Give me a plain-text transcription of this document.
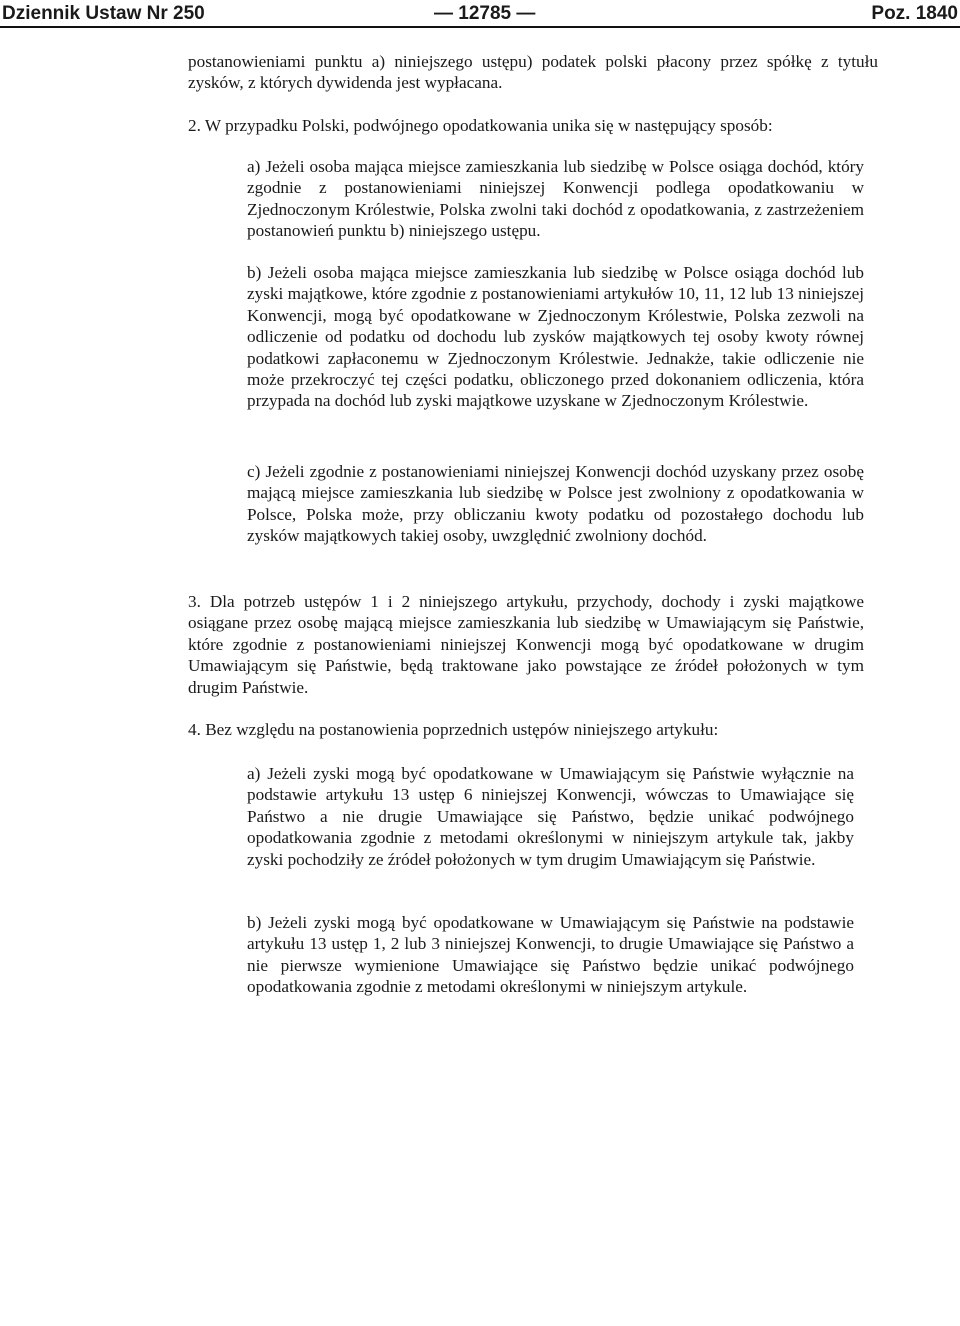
Dziennik Ustaw Nr 250	— 12785 —	Poz. 1840

postanowieniami punktu a) niniejszego ustępu) podatek polski płacony przez spółkę z tytułu zysków, z których dywidenda jest wypłacana.

2. W przypadku Polski, podwójnego opodatkowania unika się w następujący sposób:

a) Jeżeli osoba mająca miejsce zamieszkania lub siedzibę w Polsce osiąga dochód, który zgodnie z postanowieniami niniejszej Konwencji podlega opodatkowaniu w Zjednoczonym Królestwie, Polska zwolni taki dochód z opodatkowania, z zastrzeżeniem postanowień punktu b) niniejszego ustępu.

b) Jeżeli osoba mająca miejsce zamieszkania lub siedzibę w Polsce osiąga dochód lub zyski majątkowe, które zgodnie z postanowieniami artykułów 10, 11, 12 lub 13 niniejszej Konwencji, mogą być opodatkowane w Zjednoczonym Królestwie, Polska zezwoli na odliczenie od podatku od dochodu lub zysków majątkowych tej osoby kwoty równej podatkowi zapłaconemu w Zjednoczonym Królestwie. Jednakże, takie odliczenie nie może przekroczyć tej części podatku, obliczonego przed dokonaniem odliczenia, która przypada na dochód lub zyski majątkowe uzyskane w Zjednoczonym Królestwie.

c) Jeżeli zgodnie z postanowieniami niniejszej Konwencji dochód uzyskany przez osobę mającą miejsce zamieszkania lub siedzibę w Polsce jest zwolniony z opodatkowania w Polsce, Polska może, przy obliczaniu kwoty podatku od pozostałego dochodu lub zysków majątkowych takiej osoby, uwzględnić zwolniony dochód.

3. Dla potrzeb ustępów 1 i 2 niniejszego artykułu, przychody, dochody i zyski majątkowe osiągane przez osobę mającą miejsce zamieszkania lub siedzibę w Umawiającym się Państwie, które zgodnie z postanowieniami niniejszej Konwencji mogą być opodatkowane w drugim Umawiającym się Państwie, będą traktowane jako powstające ze źródeł położonych w tym drugim Państwie.

4. Bez względu na postanowienia poprzednich ustępów niniejszego artykułu:

a) Jeżeli zyski mogą być opodatkowane w Umawiającym się Państwie wyłącznie na podstawie artykułu 13 ustęp 6 niniejszej Konwencji, wówczas to Umawiające się Państwo a nie drugie Umawiające się Państwo, będzie unikać podwójnego opodatkowania zgodnie z metodami określonymi w niniejszym artykule tak, jakby zyski pochodziły ze źródeł położonych w tym drugim Umawiającym się Państwie.

b) Jeżeli zyski mogą być opodatkowane w Umawiającym się Państwie na podstawie artykułu 13 ustęp 1, 2 lub 3 niniejszej Konwencji, to drugie Umawiające się Państwo a nie pierwsze wymienione Umawiające się Państwo będzie unikać podwójnego opodatkowania zgodnie z metodami określonymi w niniejszym artykule.
